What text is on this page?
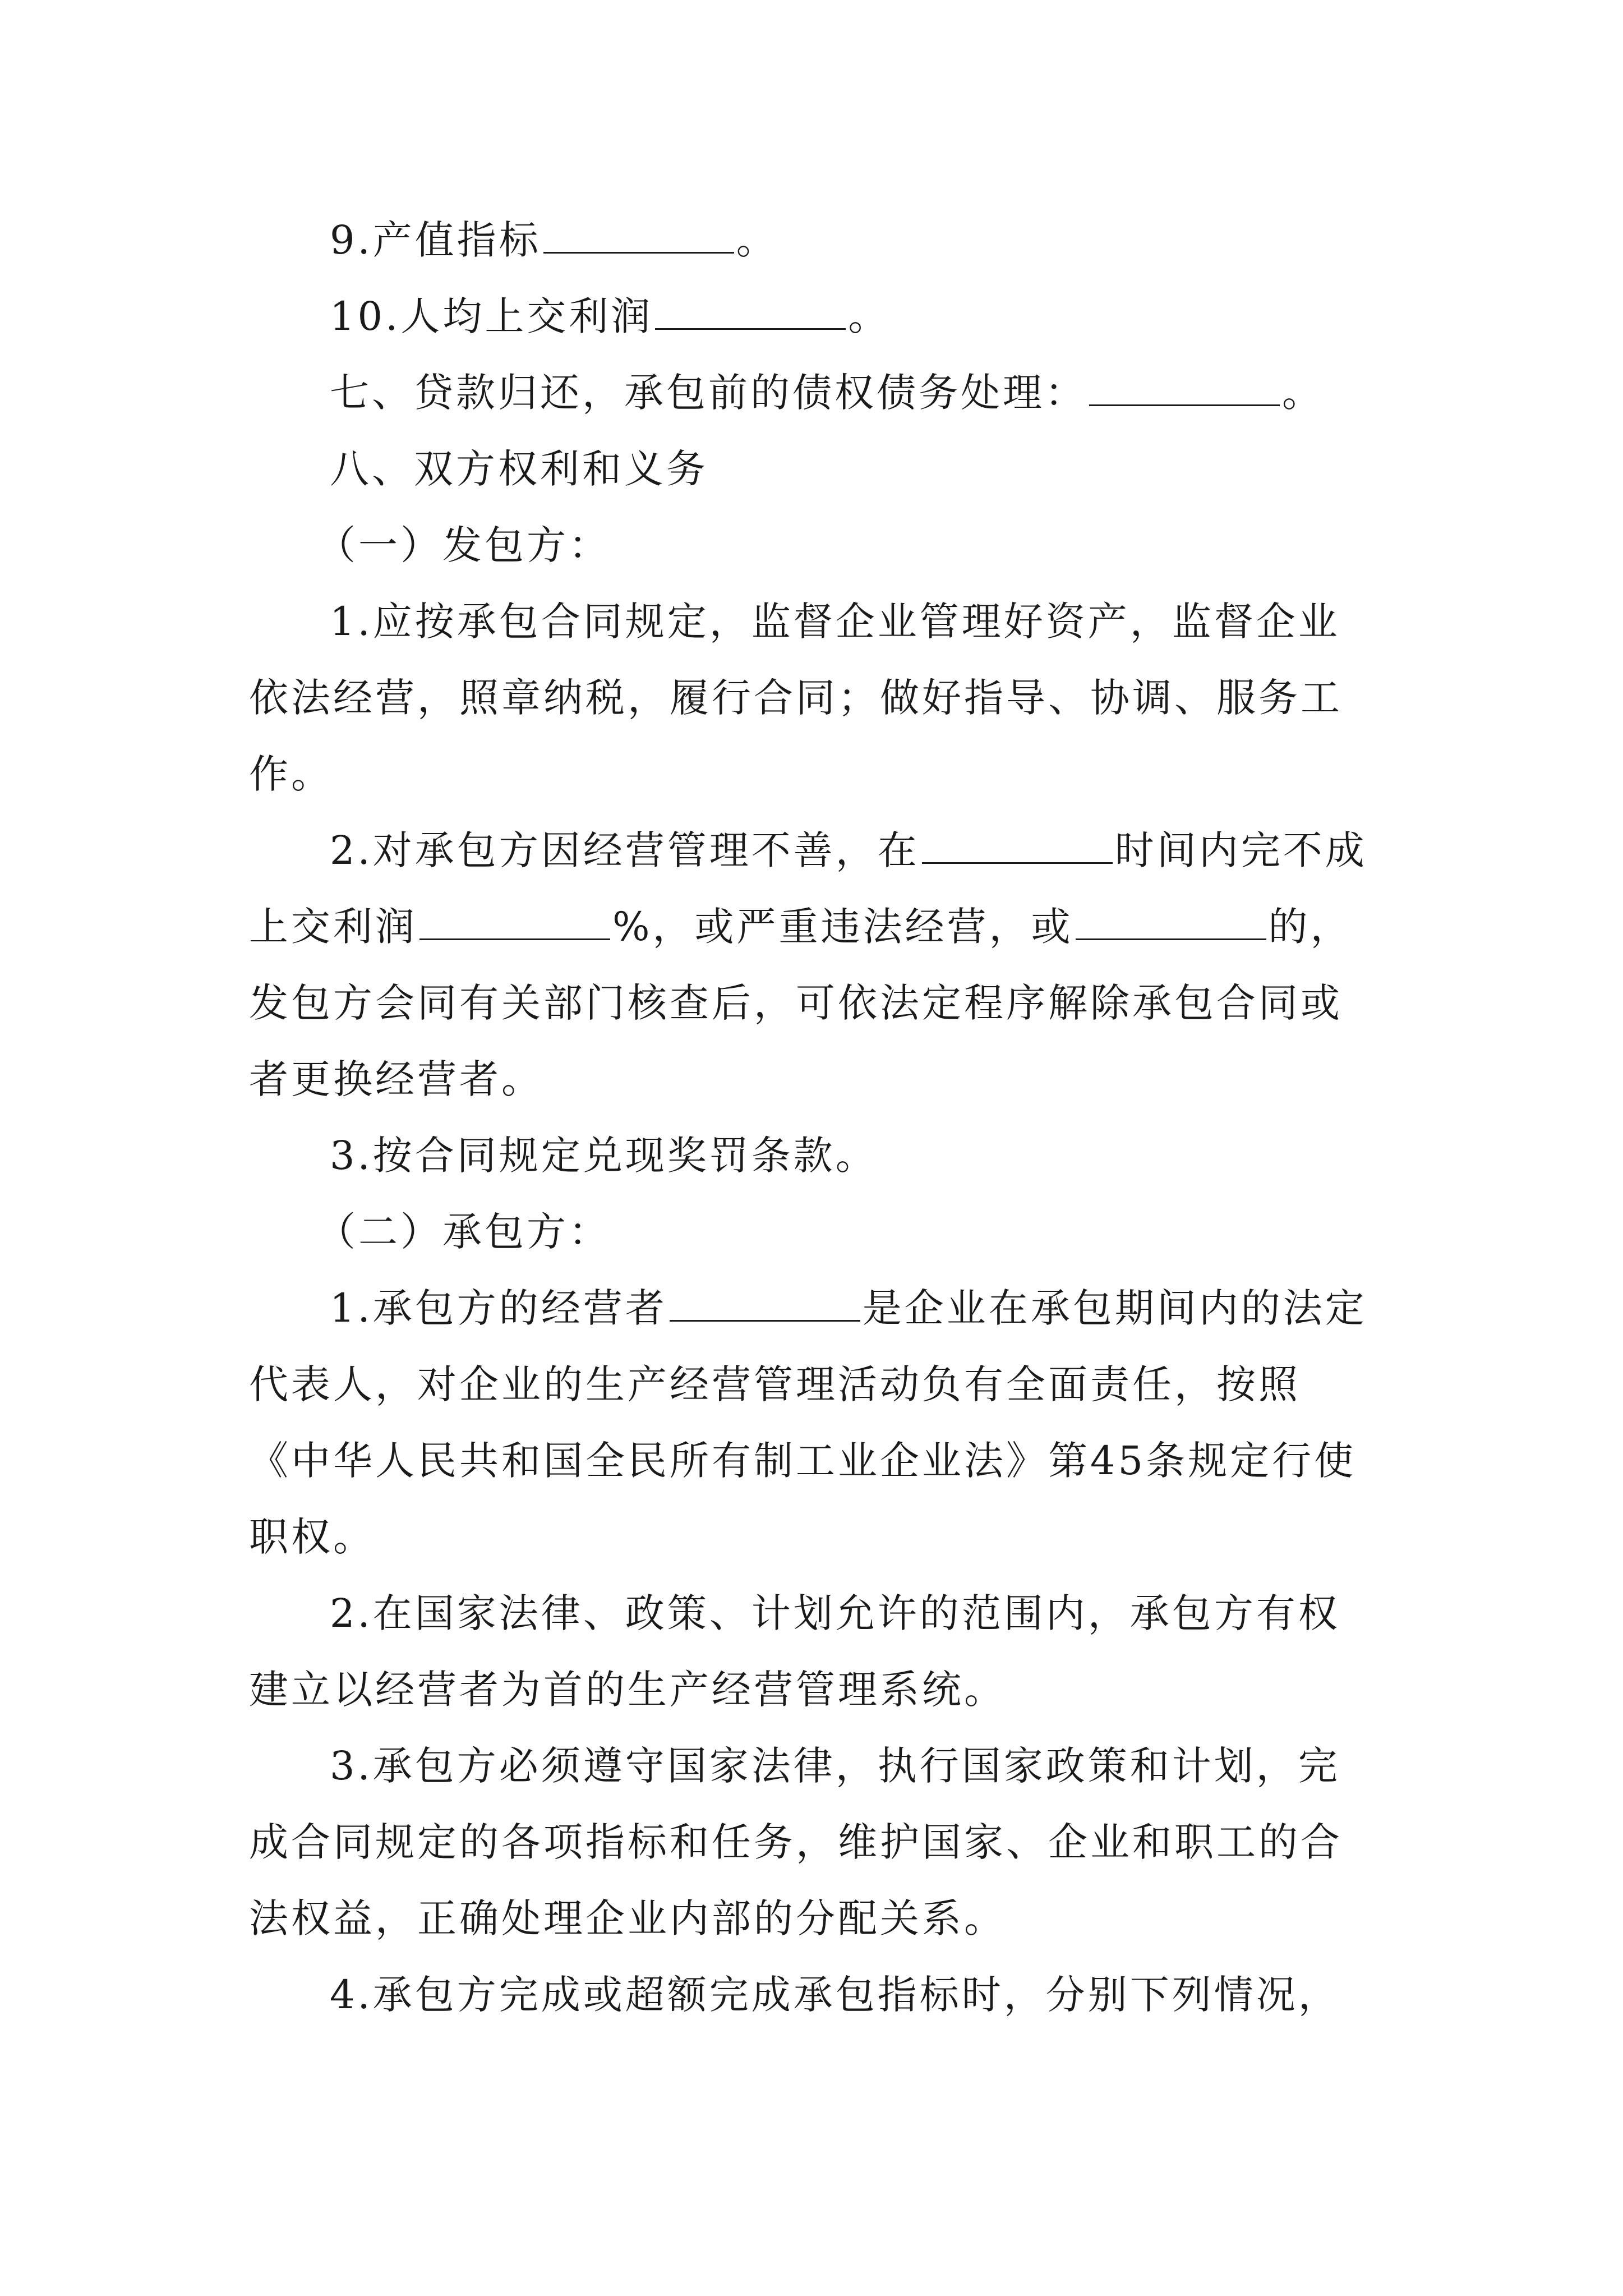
9.产值指标	。

10.人均上交利润	。

七、贷款归还，承包前的债权债务处理：	。

八、双方权利和义务

（一）发包方：

1.应按承包合同规定，监督企业管理好资产，监督企业依法经营，照章纳税，履行合同；做好指导、协调、服务工作。

2.对承包方因经营管理不善，在	时间内完不成上交利润	%，或严重违法经营，或	的，发包方会同有关部门核查后，可依法定程序解除承包合同或者更换经营者。

3.按合同规定兑现奖罚条款。

（二）承包方：

1.承包方的经营者	是企业在承包期间内的法定代表人，对企业的生产经营管理活动负有全面责任，按照《中华人民共和国全民所有制工业企业法》第45条规定行使职权。

2.在国家法律、政策、计划允许的范围内，承包方有权建立以经营者为首的生产经营管理系统。

3.承包方必须遵守国家法律，执行国家政策和计划，完成合同规定的各项指标和任务，维护国家、企业和职工的合法权益，正确处理企业内部的分配关系。

4.承包方完成或超额完成承包指标时，分别下列情况，
